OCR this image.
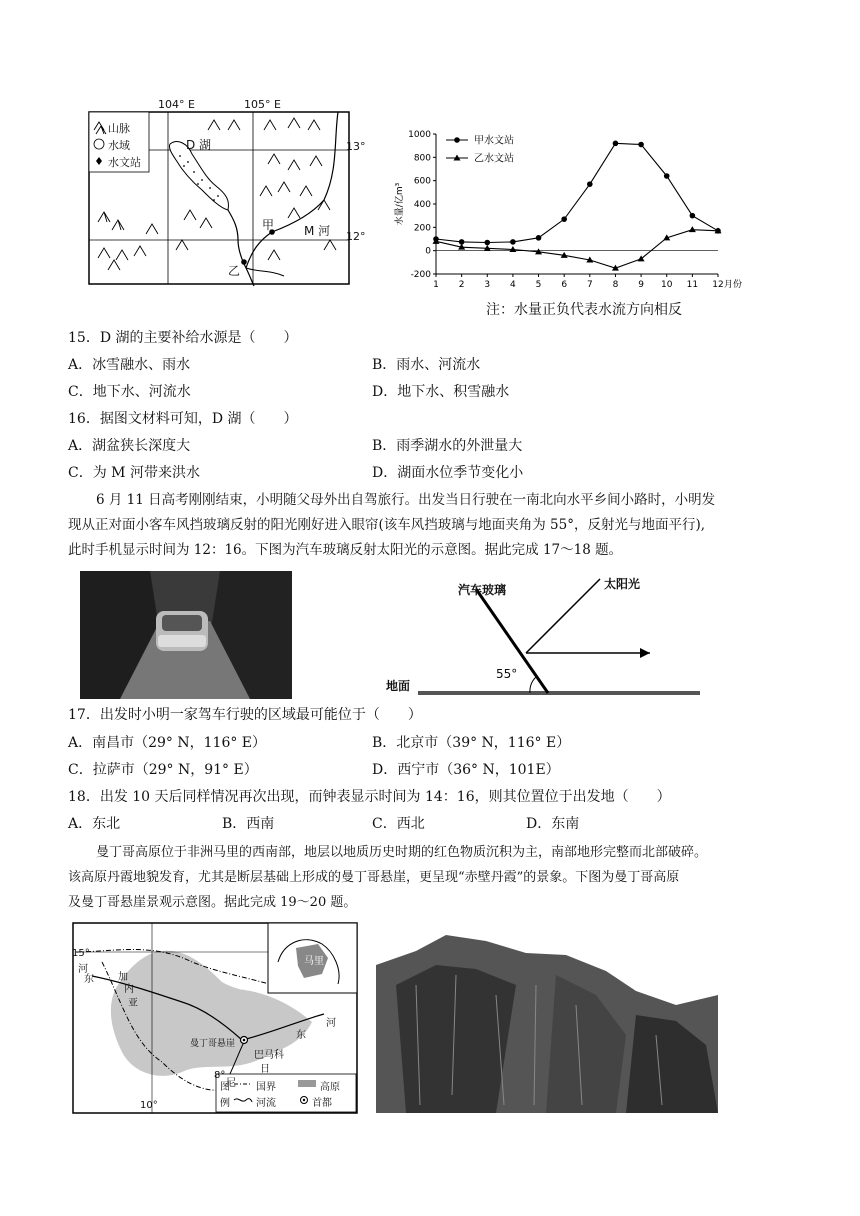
104° E	105° E
13°
12°
山脉
水域
水文站
D 湖
M 河
甲
乙	-200
0
200
400
600
800
1000
1 2 3 4 5 6 7 8 9 10 11 12 月份
水量/亿m³
甲水文站
乙水文站
注：水量正负代表水流方向相反
15．D 湖的主要补给水源是（　　）
A．冰雪融水、雨水	B．雨水、河流水
C．地下水、河流水	D．地下水、积雪融水
16．据图文材料可知，D 湖（　　）
A．湖盆狭长深度大	B．雨季湖水的外泄量大
C．为 M 河带来洪水	D．湖面水位季节变化小
6 月 11 日高考刚刚结束，小明随父母外出自驾旅行。出发当日行驶在一南北向水平乡间小路时，小明发
现从正对面小客车风挡玻璃反射的阳光刚好进入眼帘(该车风挡玻璃与地面夹角为 55°，反射光与地面平行),
此时手机显示时间为 12：16。下图为汽车玻璃反射太阳光的示意图。据此完成 17～18 题。
汽车玻璃	太阳光
地面
55°
17．出发时小明一家驾车行驶的区域最可能位于（　　）
A．南昌市（29° N，116° E）	B．北京市（39° N，116° E）
C．拉萨市（29° N，91° E）	D．西宁市（36° N，101E）
18．出发 10 天后同样情况再次出现，而钟表显示时间为 14：16，则其位置位于出发地（　　）
A．东北	B．西南	C．西北	D．东南
曼丁哥高原位于非洲马里的西南部，地层以地质历史时期的红色物质沉积为主，南部地形完整而北部破碎。
该高原丹霞地貌发育，尤其是断层基础上形成的曼丁哥悬崖，更呈现“赤壁丹霞”的景象。下图为曼丁哥高原
及曼丁哥悬崖景观示意图。据此完成 19～20 题。
15°
8°
10°
河
东 加
内
亚
东
河
曼丁哥悬崖
巴马科
尼
日
马里
图
例
国界	高原
河流	首都
